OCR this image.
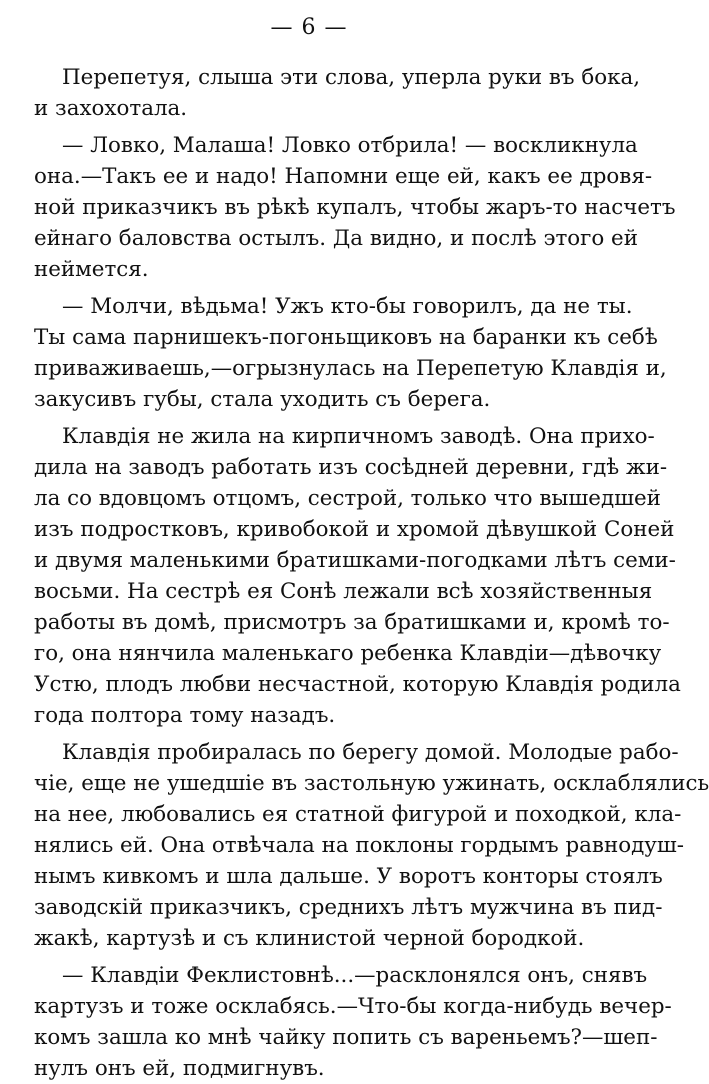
— 6 —
Перепетуя, слыша эти слова, уперла руки въ бока,
и захохотала.
— Ловко, Малаша! Ловко отбрила! — воскликнула
она.—Такъ ее и надо! Напомни еще ей, какъ ее дровя-
ной приказчикъ въ рѣкѣ купалъ, чтобы жаръ-то насчетъ
ейнаго баловства остылъ. Да видно, и послѣ этого ей
неймется.
— Молчи, вѣдьма! Ужъ кто-бы говорилъ, да не ты.
Ты сама парнишекъ-погоньщиковъ на баранки къ себѣ
приваживаешь,—огрызнулась на Перепетую Клавдія и,
закусивъ губы, стала уходить съ берега.
Клавдія не жила на кирпичномъ заводѣ. Она прихо-
дила на заводъ работать изъ сосѣдней деревни, гдѣ жи-
ла со вдовцомъ отцомъ, сестрой, только что вышедшей
изъ подростковъ, кривобокой и хромой дѣвушкой Соней
и двумя маленькими братишками-погодками лѣтъ семи-
восьми. На сестрѣ ея Сонѣ лежали всѣ хозяйственныя
работы въ домѣ, присмотръ за братишками и, кромѣ то-
го, она нянчила маленькаго ребенка Клавдіи—дѣвочку
Устю, плодъ любви несчастной, которую Клавдія родила
года полтора тому назадъ.
Клавдія пробиралась по берегу домой. Молодые рабо-
чіе, еще не ушедшіе въ застольную ужинать, осклаблялись
на нее, любовались ея статной фигурой и походкой, кла-
нялись ей. Она отвѣчала на поклоны гордымъ равнодуш-
нымъ кивкомъ и шла дальше. У воротъ конторы стоялъ
заводскій приказчикъ, среднихъ лѣтъ мужчина въ пид-
жакѣ, картузѣ и съ клинистой черной бородкой.
— Клавдіи Феклистовнѣ...—расклонялся онъ, снявъ
картузъ и тоже осклабясь.—Что-бы когда-нибудь вечер-
комъ зашла ко мнѣ чайку попить съ вареньемъ?—шеп-
нулъ онъ ей, подмигнувъ.
